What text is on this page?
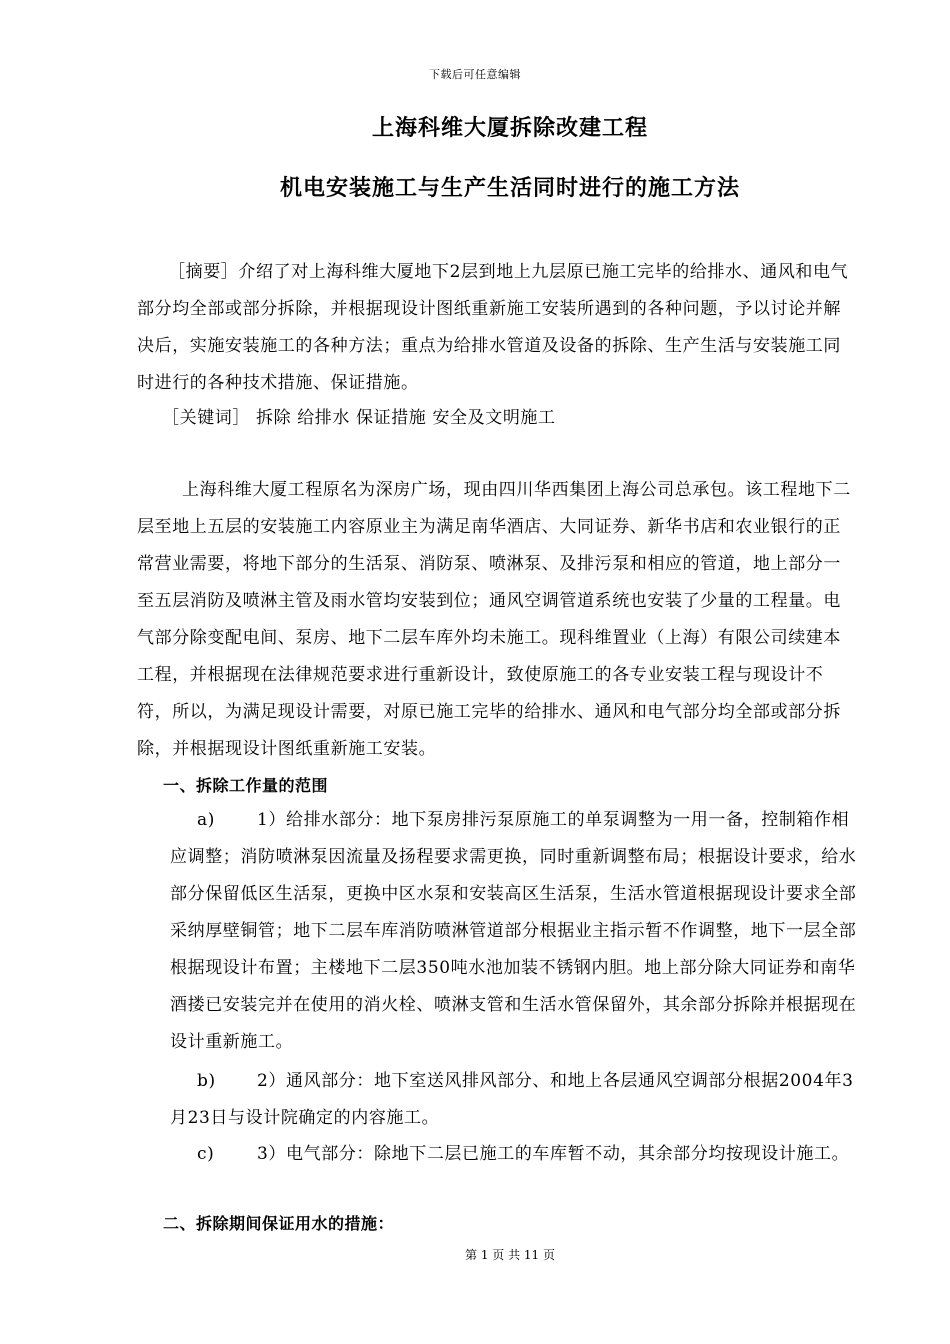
下载后可任意编辑
上海科维大厦拆除改建工程
机电安装施工与生产生活同时进行的施工方法
［摘要］介绍了对上海科维大厦地下2层到地上九层原已施工完毕的给排水、通风和电气部分均全部或部分拆除，并根据现设计图纸重新施工安装所遇到的各种问题，予以讨论并解决后，实施安装施工的各种方法；重点为给排水管道及设备的拆除、生产生活与安装施工同时进行的各种技术措施、保证措施。
［关键词］ 拆除 给排水 保证措施 安全及文明施工
上海科维大厦工程原名为深房广场，现由四川华西集团上海公司总承包。该工程地下二层至地上五层的安装施工内容原业主为满足南华酒店、大同证券、新华书店和农业银行的正常营业需要，将地下部分的生活泵、消防泵、喷淋泵、及排污泵和相应的管道，地上部分一至五层消防及喷淋主管及雨水管均安装到位；通风空调管道系统也安装了少量的工程量。电气部分除变配电间、泵房、地下二层车库外均未施工。现科维置业（上海）有限公司续建本工程，并根据现在法律规范要求进行重新设计，致使原施工的各专业安装工程与现设计不符，所以，为满足现设计需要，对原已施工完毕的给排水、通风和电气部分均全部或部分拆除，并根据现设计图纸重新施工安装。
一、拆除工作量的范围
a) 1）给排水部分：地下泵房排污泵原施工的单泵调整为一用一备，控制箱作相应调整；消防喷淋泵因流量及扬程要求需更换，同时重新调整布局；根据设计要求，给水部分保留低区生活泵，更换中区水泵和安装高区生活泵，生活水管道根据现设计要求全部采纳厚壁铜管；地下二层车库消防喷淋管道部分根据业主指示暂不作调整，地下一层全部根据现设计布置；主楼地下二层350吨水池加装不锈钢内胆。地上部分除大同证券和南华酒搂已安装完并在使用的消火栓、喷淋支管和生活水管保留外，其余部分拆除并根据现在设计重新施工。
b) 2）通风部分：地下室送风排风部分、和地上各层通风空调部分根据2004年3月23日与设计院确定的内容施工。
c)	3）电气部分：除地下二层已施工的车库暂不动，其余部分均按现设计施工。
二、拆除期间保证用水的措施：
第 1 页 共 11 页
